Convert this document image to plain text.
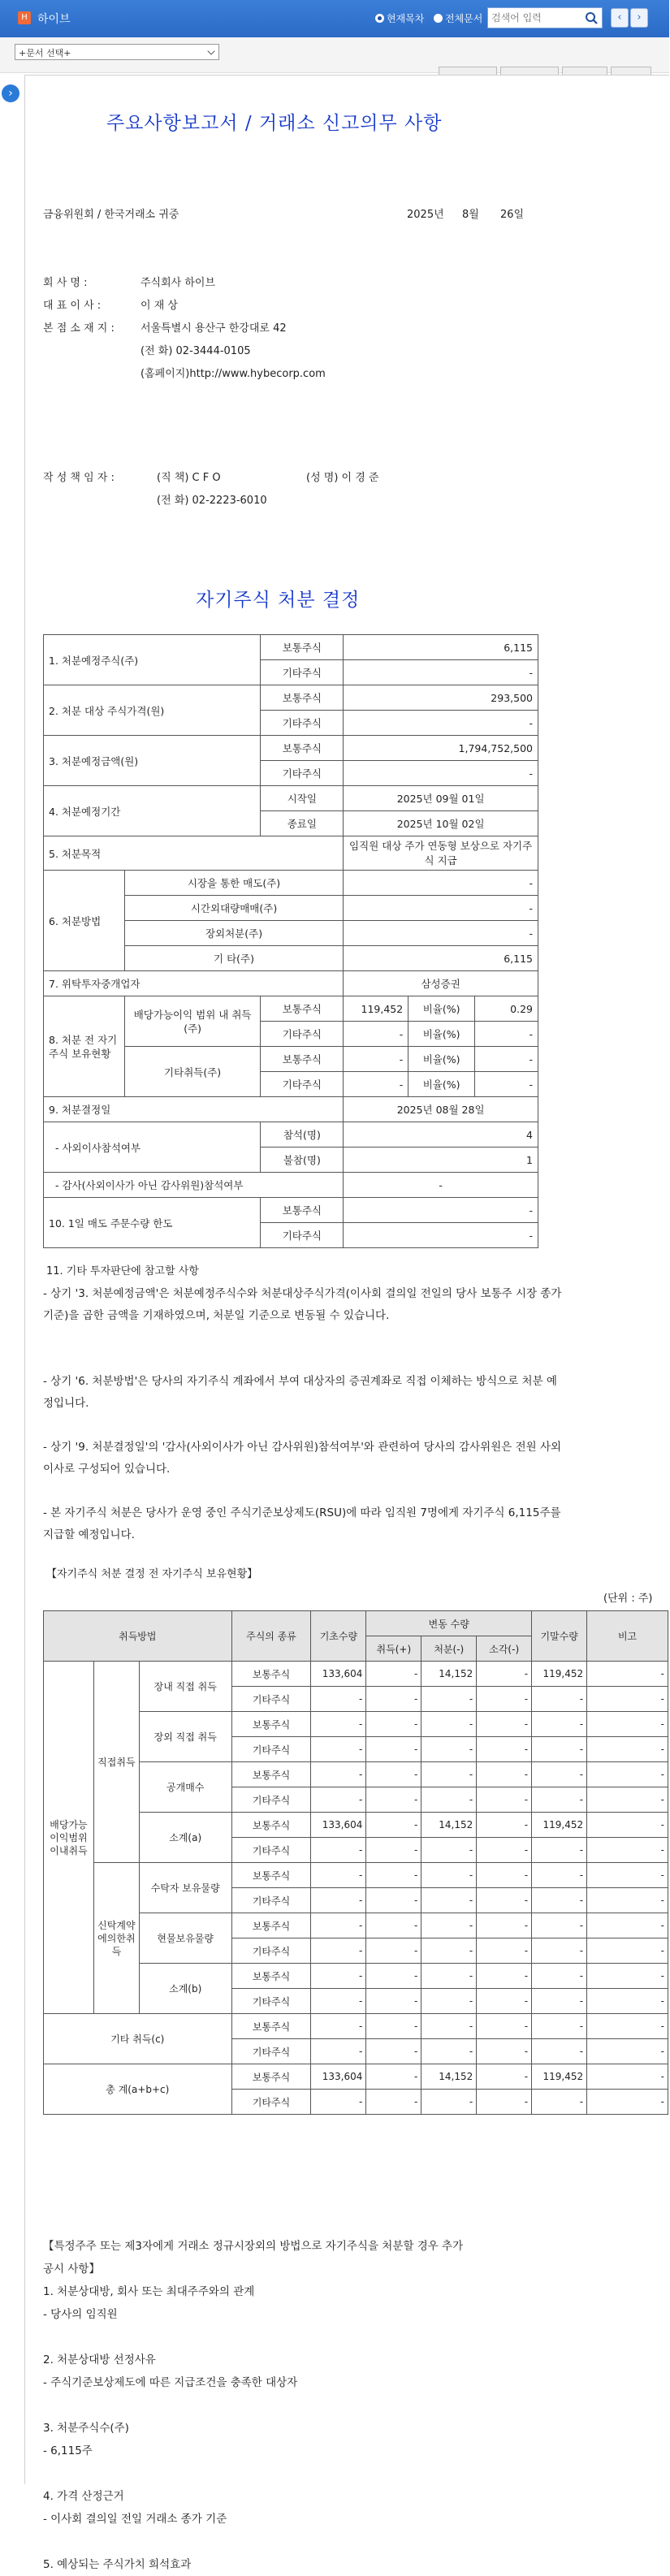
H 하이브	현재목차	전체문서
검색어 입력	‹	›
+문서 선택+
›
주요사항보고서 / 거래소 신고의무 사항
금융위원회 / 한국거래소 귀중	2025년 8월 26일
회 사 명 :	주식회사 하이브
대 표 이 사 :	이 재 상
본 점 소 재 지 : 서울특별시 용산구 한강대로 42
(전 화) 02-3444-0105
(홈페이지)http://www.hybecorp.com
작 성 책 임 자 :	(직 책) C F O	(성 명) 이 경 준
(전 화) 02-2223-6010
자기주식 처분 결정
1. 처분예정주식(주)		보통주식	6,115		
		기타주식	-		
2. 처분 대상 주식가격(원)		보통주식	293,500		
		기타주식	-		
3. 처분예정금액(원)		보통주식	1,794,752,500		
		기타주식	-		
4. 처분예정기간		시작일	2025년 09월 01일		
		종료일	2025년 10월 02일		
5. 처분목적			임직원 대상 주가 연동형 보상으로 자기주식 지급		
6. 처분방법	시장을 통한 매도(주)		-		
	시간외대량매매(주)		-		
	장외처분(주)		-		
	기 타(주)		6,115		
7. 위탁투자중개업자			삼성증권		
8. 처분 전 자기주식 보유현황	배당가능이익 범위 내 취득(주)	보통주식	119,452	비율(%)	0.29
		기타주식	-	비율(%)	-
	기타취득(주)	보통주식	-	비율(%)	-
		기타주식	-	비율(%)	-
9. 처분결정일			2025년 08월 28일		
- 사외이사참석여부		참석(명)	4		
		불참(명)	1		
- 감사(사외이사가 아닌 감사위원)참석여부			-		
10. 1일 매도 주문수량 한도		보통주식	-		
		기타주식	-		
11. 기타 투자판단에 참고할 사항
- 상기 '3. 처분예정금액'은 처분예정주식수와 처분대상주식가격(이사회 결의일 전일의 당사 보통주 시장 종가 기준)을 곱한 금액을 기재하였으며, 처분일 기준으로 변동될 수 있습니다.
- 상기 '6. 처분방법'은 당사의 자기주식 계좌에서 부여 대상자의 증권계좌로 직접 이체하는 방식으로 처분 예정입니다.
- 상기 '9. 처분결정일'의 '감사(사외이사가 아닌 감사위원)참석여부'와 관련하여 당사의 감사위원은 전원 사외이사로 구성되어 있습니다.
- 본 자기주식 처분은 당사가 운영 중인 주식기준보상제도(RSU)에 따라 임직원 7명에게 자기주식 6,115주를 지급할 예정입니다.
【자기주식 처분 결정 전 자기주식 보유현황】
(단위 : 주)
취득방법			주식의 종류	기초수량	변동 수량			기말수량	비고
					취득(+)	처분(-)	소각(-)		
배당가능이익범위이내취득	직접취득	장내 직접 취득	보통주식	133,604	-	14,152	-	119,452	-
			기타주식	-	-	-	-	-	-
		장외 직접 취득	보통주식	-	-	-	-	-	-
			기타주식	-	-	-	-	-	-
		공개매수	보통주식	-	-	-	-	-	-
			기타주식	-	-	-	-	-	-
		소계(a)	보통주식	133,604	-	14,152	-	119,452	-
			기타주식	-	-	-	-	-	-
	신탁계약에의한취득	수탁자 보유물량	보통주식	-	-	-	-	-	-
			기타주식	-	-	-	-	-	-
		현물보유물량	보통주식	-	-	-	-	-	-
			기타주식	-	-	-	-	-	-
		소계(b)	보통주식	-	-	-	-	-	-
			기타주식	-	-	-	-	-	-
기타 취득(c)			보통주식	-	-	-	-	-	-
			기타주식	-	-	-	-	-	-
총 계(a+b+c)			보통주식	133,604	-	14,152	-	119,452	-
			기타주식	-	-	-	-	-	-
【특정주주 또는 제3자에게 거래소 정규시장외의 방법으로 자기주식을 처분할 경우 추가
공시 사항】
1. 처분상대방, 회사 또는 최대주주와의 관계
- 당사의 임직원
2. 처분상대방 선정사유
- 주식기준보상제도에 따른 지급조건을 충족한 대상자
3. 처분주식수(주)
- 6,115주
4. 가격 산정근거
- 이사회 결의일 전일 거래소 종가 기준
5. 예상되는 주식가치 희석효과
